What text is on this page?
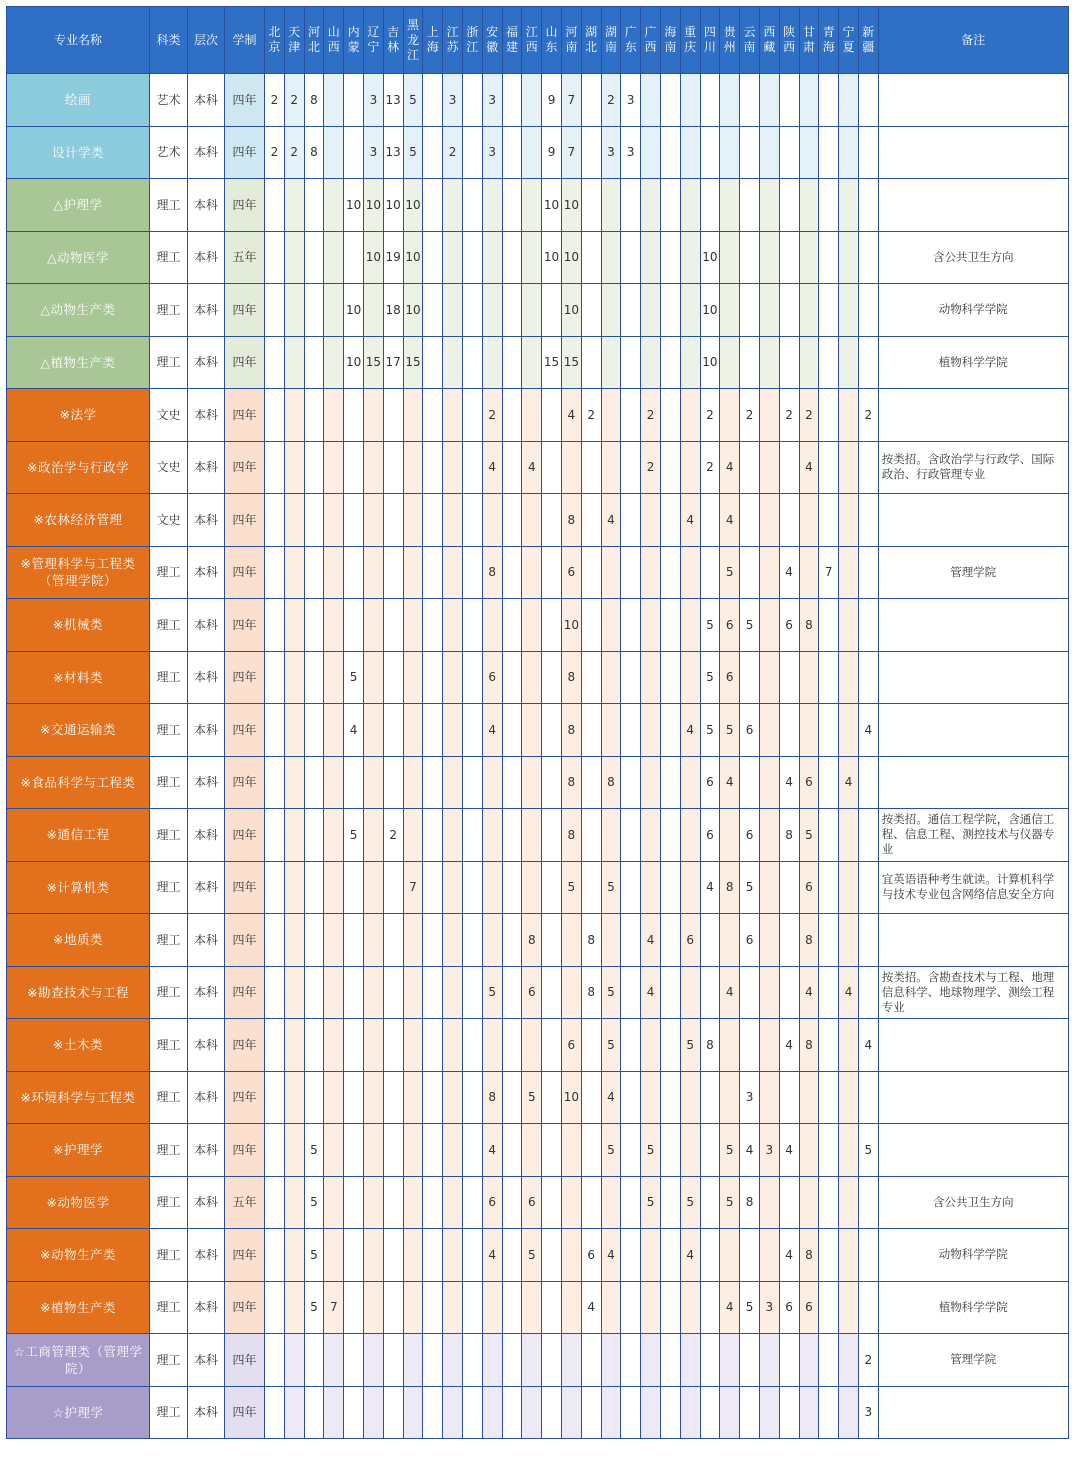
专业名称	科类	层次	学制	北京	天津	河北	山西	内蒙	辽宁	吉林	黑龙江	上海	江苏	浙江	安徽	福建	江西	山东	河南	湖北	湖南	广东	广西	海南	重庆	四川	贵州	云南	西藏	陕西	甘肃	青海	宁夏	新疆	备注
绘画	艺术	本科	四年	2	2	8			3	13	5		3		3			9	7		2	3													
设计学类	艺术	本科	四年	2	2	8			3	13	5		2		3			9	7		3	3													
△护理学	理工	本科	四年					10	10	10	10							10	10																
△动物医学	理工	本科	五年						10	19	10							10	10							10									含公共卫生方向
△动物生产类	理工	本科	四年					10		18	10								10							10									动物科学学院
△植物生产类	理工	本科	四年					10	15	17	15							15	15							10									植物科学学院
※法学	文史	本科	四年												2				4	2			2			2		2		2	2			2	
※政治学与行政学	文史	本科	四年												4		4						2			2	4				4				按类招。含政治学与行政学、国际政治、行政管理专业
※农林经济管理	文史	本科	四年																8		4				4		4								
※管理科学与工程类（管理学院）	理工	本科	四年												8				6								5			4		7			管理学院
※机械类	理工	本科	四年																10							5	6	5		6	8				
※材料类	理工	本科	四年					5							6				8							5	6								
※交通运输类	理工	本科	四年					4							4				8						4	5	5	6						4	
※食品科学与工程类	理工	本科	四年																8		8					6	4			4	6		4		
※通信工程	理工	本科	四年					5		2									8							6		6		8	5				按类招。通信工程学院，含通信工程、信息工程、测控技术与仪器专业
※计算机类	理工	本科	四年								7								5		5					4	8	5			6				宜英语语种考生就读。计算机科学与技术专业包含网络信息安全方向
※地质类	理工	本科	四年														8			8			4		6			6			8				
※勘查技术与工程	理工	本科	四年												5		6			8	5		4				4				4		4		按类招。含勘查技术与工程、地理信息科学、地球物理学、测绘工程专业
※土木类	理工	本科	四年																6		5				5	8				4	8			4	
※环境科学与工程类	理工	本科	四年												8		5		10		4							3							
※护理学	理工	本科	四年			5									4						5		5				5	4	3	4				5	
※动物医学	理工	本科	五年			5									6		6						5		5		5	8							含公共卫生方向
※动物生产类	理工	本科	四年			5									4		5			6	4				4					4	8				动物科学学院
※植物生产类	理工	本科	四年			5	7													4							4	5	3	6	6				植物科学学院
☆工商管理类（管理学院）	理工	本科	四年																															2	管理学院
☆护理学	理工	本科	四年																															3	
